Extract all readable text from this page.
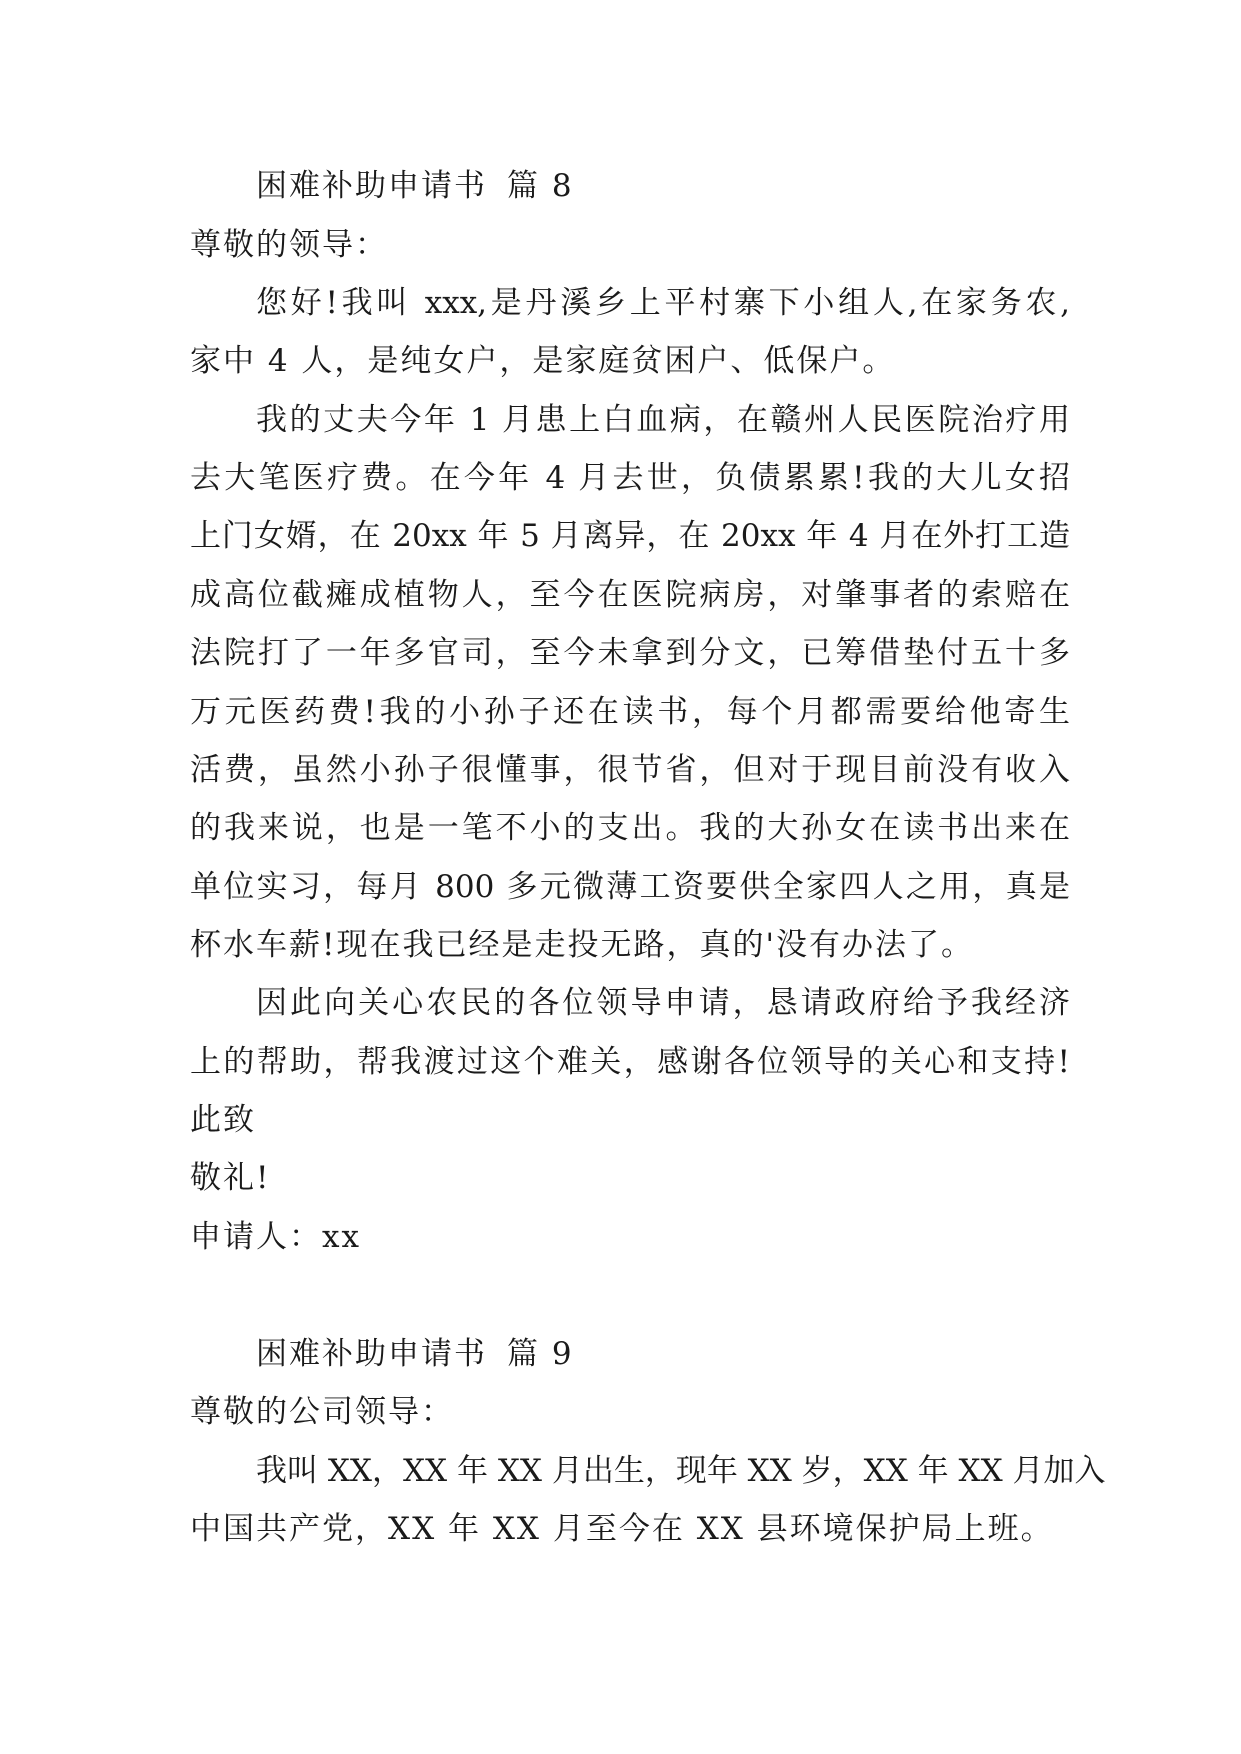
困难补助申请书 篇 8
尊敬的领导：
您好!我叫 xxx,是丹溪乡上平村寨下小组人,在家务农,
家中 4 人，是纯女户，是家庭贫困户、低保户。
我的丈夫今年 1 月患上白血病，在赣州人民医院治疗用
去大笔医疗费。在今年 4 月去世，负债累累!我的大儿女招
上门女婿，在 20xx 年 5 月离异，在 20xx 年 4 月在外打工造
成高位截瘫成植物人，至今在医院病房，对肇事者的索赔在
法院打了一年多官司，至今未拿到分文，已筹借垫付五十多
万元医药费!我的小孙子还在读书，每个月都需要给他寄生
活费，虽然小孙子很懂事，很节省，但对于现目前没有收入
的我来说，也是一笔不小的支出。我的大孙女在读书出来在
单位实习，每月 800 多元微薄工资要供全家四人之用，真是
杯水车薪!现在我已经是走投无路，真的'没有办法了。
因此向关心农民的各位领导申请，恳请政府给予我经济
上的帮助，帮我渡过这个难关，感谢各位领导的关心和支持!
此致
敬礼!
申请人：xx
困难补助申请书 篇 9
尊敬的公司领导：
我叫 XX，XX 年 XX 月出生，现年 XX 岁，XX 年 XX 月加入
中国共产党，XX 年 XX 月至今在 XX 县环境保护局上班。
